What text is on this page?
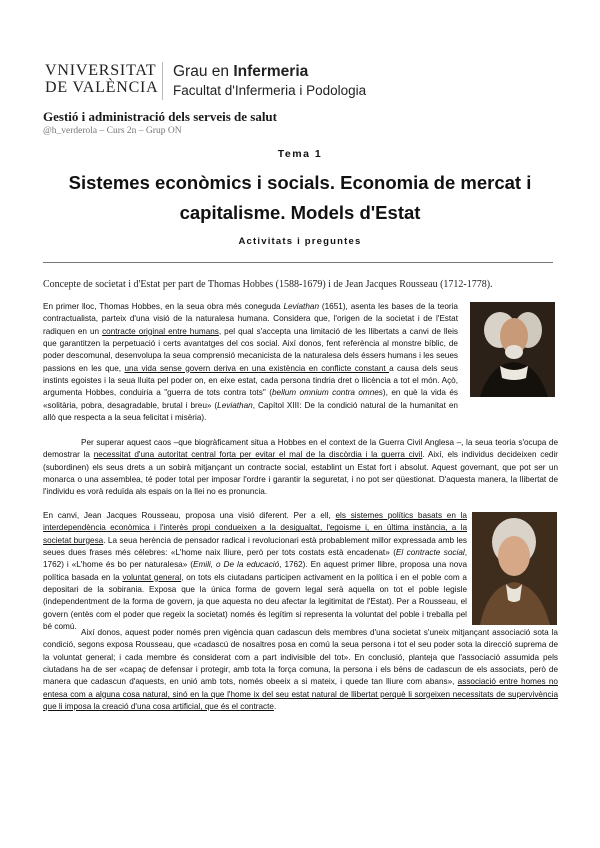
VNIVERSITAT
DE VALÈNCIA
Grau en Infermeria
Facultat d'Infermeria i Podologia
Gestió i administració dels serveis de salut
@h_verderola – Curs 2n – Grup ON
Tema 1
Sistemes econòmics i socials. Economia de mercat i capitalisme. Models d'Estat
Activitats i preguntes
Concepte de societat i d'Estat per part de Thomas Hobbes (1588-1679) i de Jean Jacques Rousseau (1712-1778).
En primer lloc, Thomas Hobbes, en la seua obra més coneguda Leviathan (1651), asenta les bases de la teoria contractualista, parteix d'una visió de la naturalesa humana. Considera que, l'origen de la societat i de l'Estat radiquen en un contracte original entre humans, pel qual s'accepta una limitació de les llibertats a canvi de lleis que garantitzen la perpetuació i certs avantatges del cos social. Així donos, fent referència al monstre bíblic, de poder descomunal, desenvolupa la seua comprensió mecanicista de la naturalesa dels éssers humans i les seues passions en les que, una vida sense govern deriva en una existència en conflicte constant a causa dels seus instints egoistes i la seua lluita pel poder on, en eixe estat, cada persona tindria dret o llicència a tot el món. Açò, argumenta Hobbes, conduiria a "guerra de tots contra tots" (bellum omnium contra omnes), en què la vida és «solitària, pobra, desagradable, brutal i breu» (Leviathan, Capítol XIII: De la condició natural de la humanitat en allò que respecta a la seua felicitat i misèria).
Per superar aquest caos –que biogràficament situa a Hobbes en el context de la Guerra Civil Anglesa –, la seua teoria s'ocupa de demostrar la necessitat d'una autoritat central forta per evitar el mal de la discòrdia i la guerra civil. Així, els individus decideixen cedir (subordinen) els seus drets a un sobirà mitjançant un contracte social, establint un Estat fort i absolut. Aquest governant, que pot ser un monarca o una assemblea, té poder total per imposar l'ordre i garantir la seguretat, i no pot ser qüestionat. D'aquesta manera, la llibertat de l'individu es vorà reduïda als espais on la llei no es pronuncia.
En canvi, Jean Jacques Rousseau, proposa una visió diferent. Per a ell, els sistemes polítics basats en la interdependència econòmica i l'interès propi condueixen a la desigualtat, l'egoisme i, en última instància, a la societat burgesa. La seua herència de pensador radical i revolucionari està probablement millor expressada amb les seues dues frases més célebres: «L'home naix lliure, però per tots costats està encadenat» (El contracte social, 1762) i «L'home és bo per naturalesa» (Emili, o De la educació, 1762). En aquest primer llibre, proposa una nova política basada en la voluntat general, on tots els ciutadans participen activament en la política i en el poble com a depositari de la sobirania. Exposa que la única forma de govern legal serà aquella on tot el poble legisle (independentment de la forma de govern, ja que aquesta no deu afectar la legitimitat de l'Estat). Per a Rousseau, el govern (entès com el poder que regeix la societat) només és legítim si representa la voluntat del poble i treballa pel bé comú.
Així donos, aquest poder només pren vigència quan cadascun dels membres d'una societat s'uneix mitjançant associació sota la condició, segons exposa Rousseau, que «cadascú de nosaltres posa en comú la seua persona i tot el seu poder sota la direcció suprema de la voluntat general; i cada membre és considerat com a part indivisible del tot». En conclusió, planteja que l'associació assumida pels ciutadans ha de ser «capaç de defensar i protegir, amb tota la força comuna, la persona i els béns de cadascun de els associats, però de manera que cadascun d'aquests, en unió amb tots, només obeeix a si mateix, i quede tan lliure com abans», associació entre homes no entesa com a alguna cosa natural, sinó en la que l'home ix del seu estat natural de llibertat perquè li sorgeixen necessitats de supervivència que li imposa la creació d'una cosa artificial, que és el contracte.
